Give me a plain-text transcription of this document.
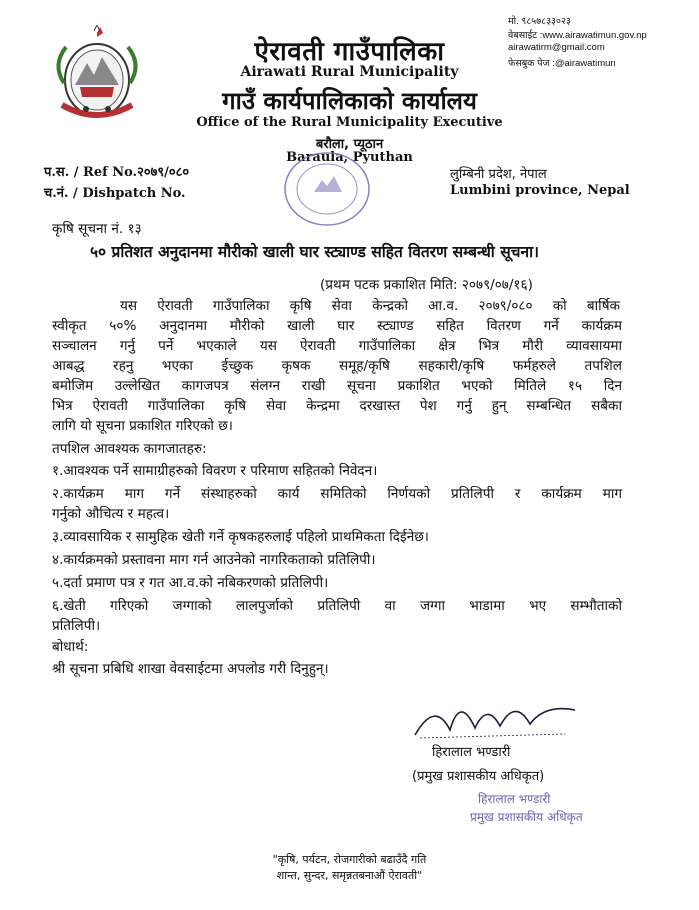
मो. ९८५७८३३०२३
वेबसाईट :www.airawatimun.gov.np
airawatirm@gmail.com
फेसबुक पेज :@airawatimun
ऐरावती गाउँपालिका
Airawati Rural Municipality
गाउँ कार्यपालिकाको कार्यालय
Office of the Rural Municipality Executive
बरौला, प्यूठान
Baraula, Pyuthan
प.स. / Ref No.२०७९/०८०
च.नं. / Dishpatch No.
लुम्बिनी प्रदेश, नेपाल
Lumbini province, Nepal
कृषि सूचना नं. १३
५० प्रतिशत अनुदानमा मौरीको खाली घार स्ट्याण्ड सहित वितरण सम्बन्धी सूचना।
(प्रथम पटक प्रकाशित मिति: २०७९/०७/१६)
यस ऐरावती गाउँपालिका कृषि सेवा केन्द्रको आ.व. २०७९/०८० को बार्षिक
स्वीकृत ५०% अनुदानमा मौरीको खाली घार स्ट्याण्ड सहित वितरण गर्ने कार्यक्रम
सञ्चालन गर्नु पर्ने भएकाले यस ऐरावती गाउँपालिका क्षेत्र भित्र मौरी व्यावसायमा
आबद्ध रहनु भएका ईच्छुक कृषक समूह/कृषि सहकारी/कृषि फर्महरुले तपशिल
बमोजिम उल्लेखित कागजपत्र संलग्न राखी सूचना प्रकाशित भएको मितिले १५ दिन
भित्र ऐरावती गाउँपालिका कृषि सेवा केन्द्रमा दरखास्त पेश गर्नु हुन् सम्बन्धित सबैका
लागि यो सूचना प्रकाशित गरिएको छ।
तपशिल आवश्यक कागजातहरु:
१.आवश्यक पर्ने सामाग्रीहरुको विवरण र परिमाण सहितको निवेदन।
२.कार्यक्रम माग गर्ने संस्थाहरुको कार्य समितिको निर्णयको प्रतिलिपी र कार्यक्रम माग
गर्नुको औचित्य र महत्व।
३.व्यावसायिक र सामुहिक खेती गर्ने कृषकहरुलाई पहिलो प्राथमिकता दिईनेछ।
४.कार्यक्रमको प्रस्तावना माग गर्न आउनेको नागरिकताको प्रतिलिपी।
५.दर्ता प्रमाण पत्र र गत आ.व.को नबिकरणको प्रतिलिपी।
६.खेती गरिएको जग्गाको लालपुर्जाको प्रतिलिपी वा जग्गा भाडामा भए सम्भौताको
प्रतिलिपी।
बोधार्थ:
श्री सूचना प्रबिधि शाखा वेवसाईटमा अपलोड गरी दिनुहुन्।
हिरालाल भण्डारी
(प्रमुख प्रशासकीय अधिकृत)
हिरालाल भण्डारी
प्रमुख प्रशासकीय अधिकृत
"कृषि, पर्यटन, रोजगारीको बढाउँदै गति
शान्त, सुन्दर, समृन्नतबनाऔं ऐरावती"
